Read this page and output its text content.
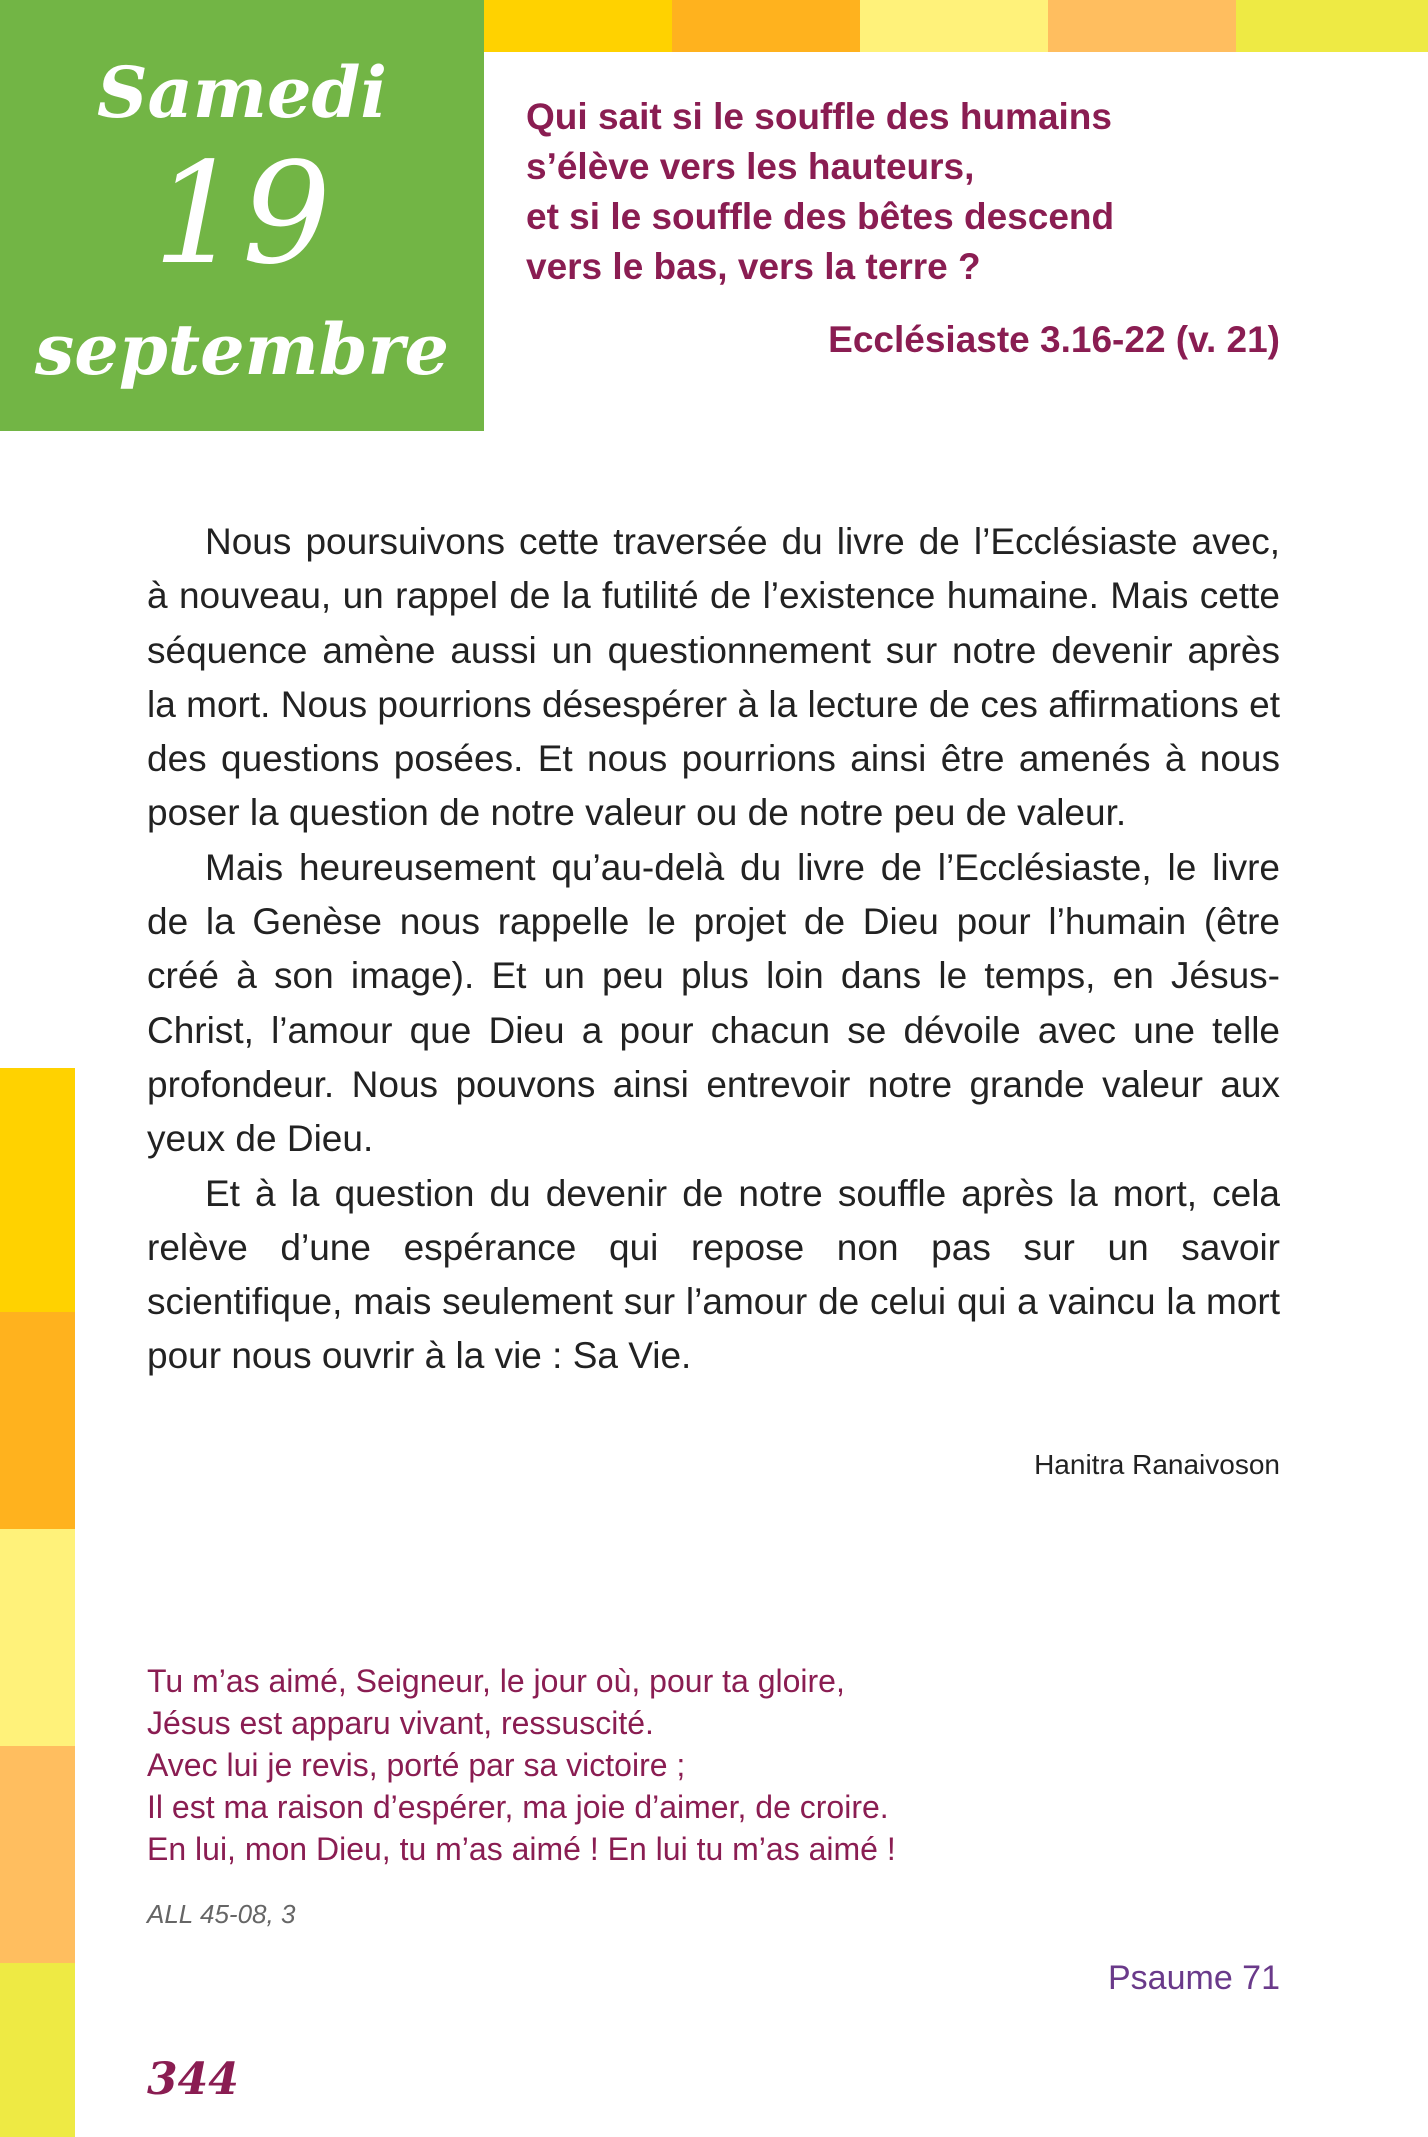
Samedi
19
septembre
Qui sait si le souffle des humains
s’élève vers les hauteurs,
et si le souffle des bêtes descend
vers le bas, vers la terre ?
Ecclésiaste 3.16-22 (v. 21)

Nous poursuivons cette traversée du livre de l’Ecclésiaste avec, à nouveau, un rappel de la futilité de l’existence humaine. Mais cette séquence amène aussi un questionnement sur notre devenir après la mort. Nous pourrions désespérer à la lecture de ces affirmations et des questions posées. Et nous pourrions ainsi être amenés à nous poser la question de notre valeur ou de notre peu de valeur.

Mais heureusement qu’au-delà du livre de l’Ecclésiaste, le livre de la Genèse nous rappelle le projet de Dieu pour l’humain (être créé à son image). Et un peu plus loin dans le temps, en Jésus-Christ, l’amour que Dieu a pour chacun se dévoile avec une telle profondeur. Nous pouvons ainsi entrevoir notre grande valeur aux yeux de Dieu.

Et à la question du devenir de notre souffle après la mort, cela relève d’une espérance qui repose non pas sur un savoir scientifique, mais seulement sur l’amour de celui qui a vaincu la mort pour nous ouvrir à la vie : Sa Vie.

Hanitra Ranaivoson
Tu m’as aimé, Seigneur, le jour où, pour ta gloire,
Jésus est apparu vivant, ressuscité.
Avec lui je revis, porté par sa victoire ;
Il est ma raison d’espérer, ma joie d’aimer, de croire.
En lui, mon Dieu, tu m’as aimé ! En lui tu m’as aimé !
ALL 45-08, 3
Psaume 71
344
